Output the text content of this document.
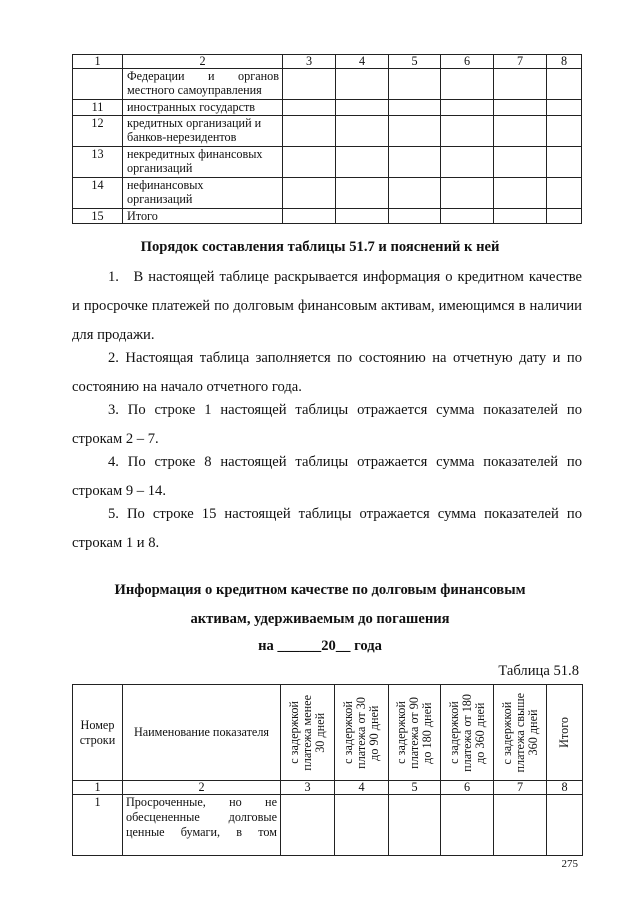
1	2	3	4	5	6	7	8
	Федерации и органов местного самоуправления						
11	иностранных государств						
12	кредитных организаций и банков-нерезидентов						
13	некредитных финансовых организаций						
14	нефинансовых организаций						
15	Итого						
Порядок составления таблицы 51.7 и пояснений к ней

1. В настоящей таблице раскрывается информация о кредитном качестве и просрочке платежей по долговым финансовым активам, имеющимся в наличии для продажи.

2. Настоящая таблица заполняется по состоянию на отчетную дату и по состоянию на начало отчетного года.

3. По строке 1 настоящей таблицы отражается сумма показателей по строкам 2 – 7.

4. По строке 8 настоящей таблицы отражается сумма показателей по строкам 9 – 14.

5. По строке 15 настоящей таблицы отражается сумма показателей по строкам 1 и 8.

Информация о кредитном качестве по долговым финансовым
активам, удерживаемым до погашения
на ______20__ года
Таблица 51.8
Номер строки	Наименование показателя	с задержкой
платежа менее
30 дней	с задержкой
платежа от 30
до 90 дней	с задержкой
платежа от 90
до 180 дней	с задержкой
платежа от 180
до 360 дней	с задержкой
платежа свыше
360 дней	Итого

1	2	3	4	5	6	7	8
1	Просроченные, но не обесцененные долговые ценные бумаги, в том						
275
